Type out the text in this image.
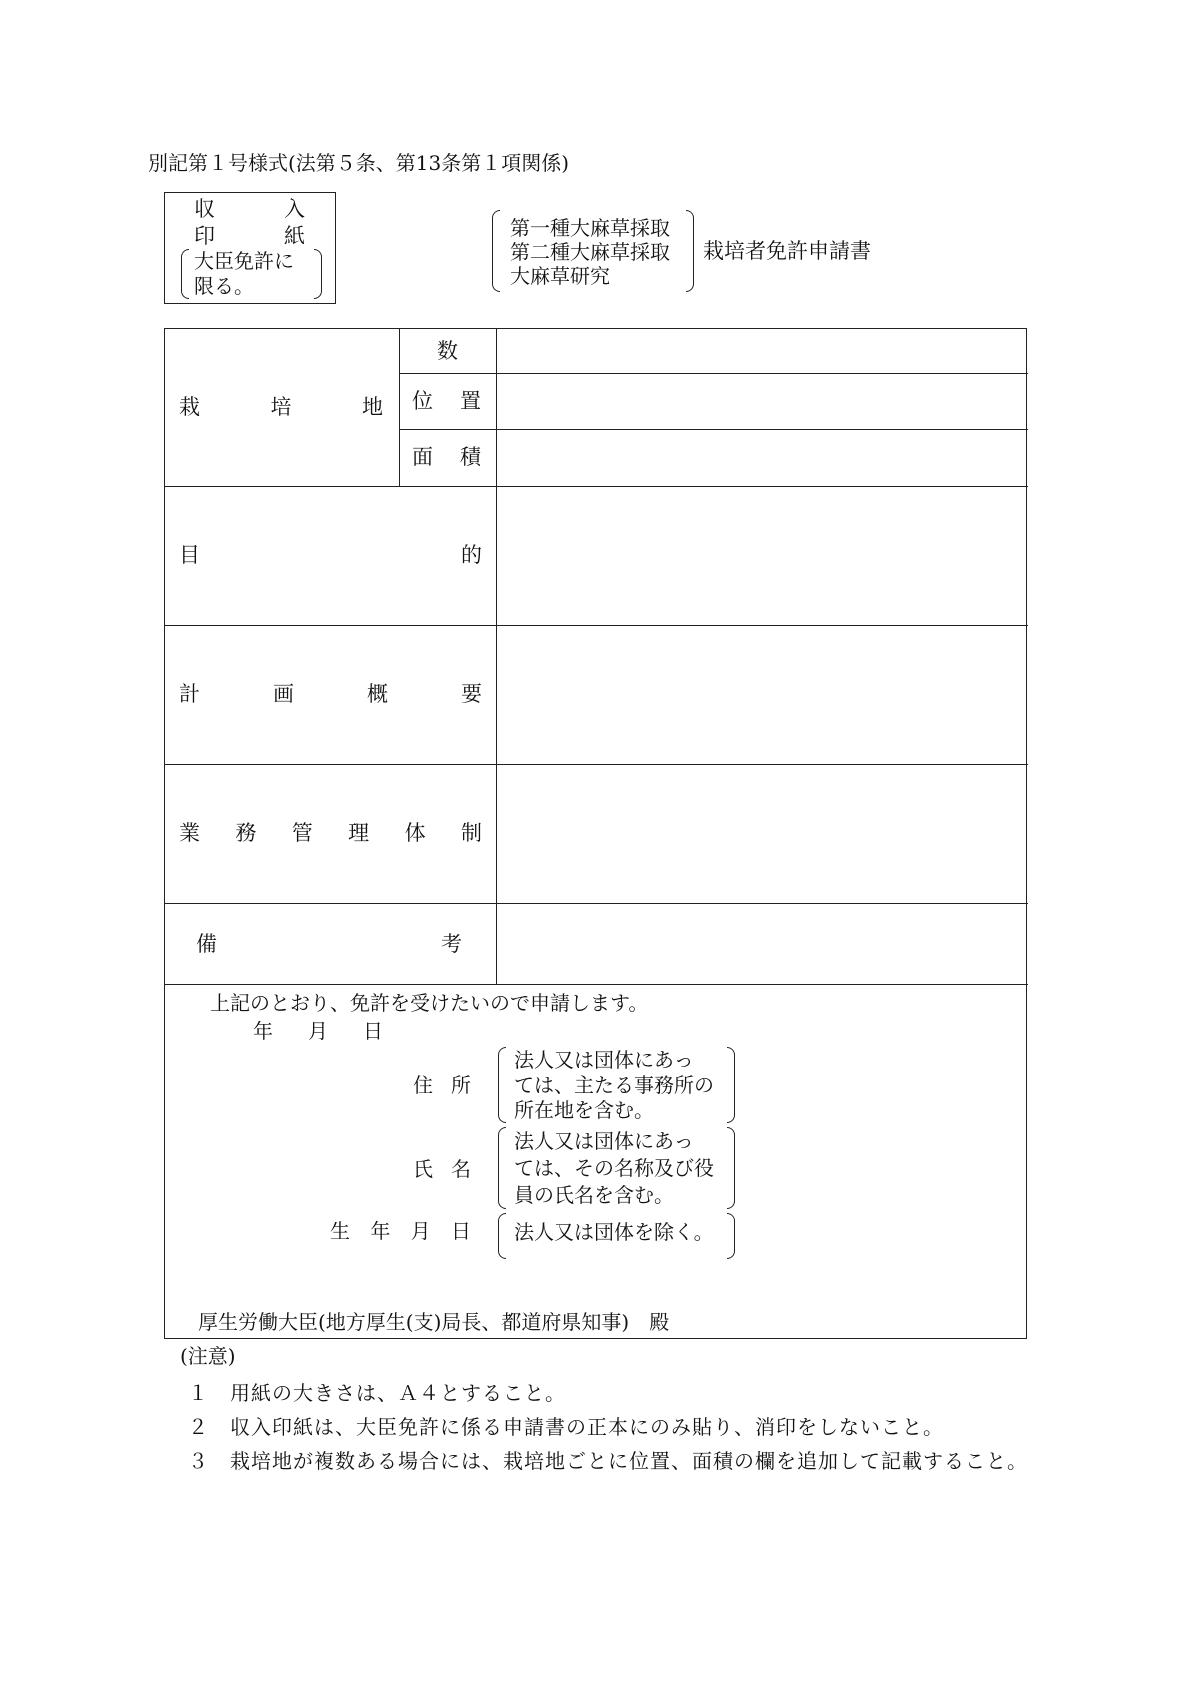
別記第１号様式(法第５条、第13条第１項関係)
収	入
印	紙
大臣免許に
限る。
第一種大麻草採取
第二種大麻草採取
大麻草研究
栽培者免許申請書
栽	培	地
数
位 置
面 積
目	的
計	画	概	要
業 務 管 理 体 制
備	考
上記のとおり、免許を受けたいので申請します。
年 月 日
住 所
法人又は団体にあっ
ては、主たる事務所の
所在地を含む。
氏 名
法人又は団体にあっ
ては、その名称及び役
員の氏名を含む。
生 年 月 日 法人又は団体を除く。
厚生労働大臣(地方厚生(支)局長、都道府県知事)　殿
(注意)
１　用紙の大きさは、Ａ４とすること。
２　収入印紙は、大臣免許に係る申請書の正本にのみ貼り、消印をしないこと。
３　栽培地が複数ある場合には、栽培地ごとに位置、面積の欄を追加して記載すること。
